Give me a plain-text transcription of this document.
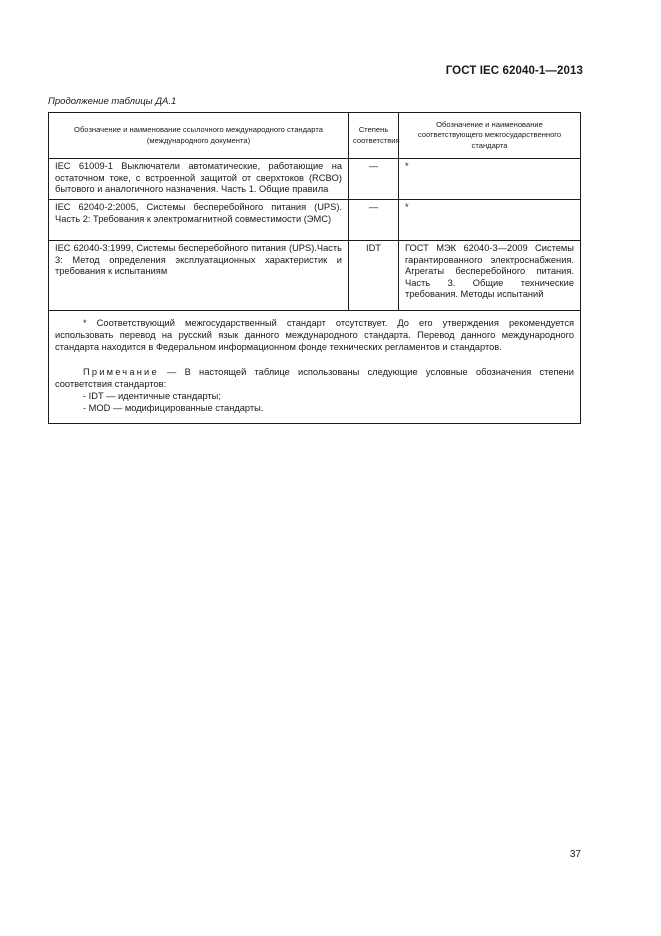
ГОСТ IEC 62040-1—2013
Продолжение таблицы ДА.1
Обозначение и наименование ссылочного международного стандарта (международного документа)	Степень соответствия	Обозначение и наименование соответствующего межгосударственного стандарта
IEC 61009-1 Выключатели автоматические, работающие на остаточном токе, с встроенной защитой от сверхтоков (RCBO) бытового и аналогичного назначения. Часть 1. Общие правила	—	*
IEC 62040-2:2005, Системы бесперебойного питания (UPS). Часть 2: Требования к электромагнитной совместимости (ЭМС)	—	*
IEC 62040-3:1999, Системы бесперебойного питания (UPS).Часть 3: Метод определения эксплуатационных характеристик и требования к испытаниям	IDT	ГОСТ МЭК 62040-3—2009 Системы гарантированного электроснабжения. Агрегаты бесперебойного питания. Часть 3. Общие технические требования. Методы испытаний

* Соответствующий межгосударственный стандарт отсутствует. До его утверждения рекомендуется использовать перевод на русский язык данного международного стандарта. Перевод данного международного стандарта находится в Федеральном информационном фонде технических регламентов и стандартов.

Примечание — В настоящей таблице использованы следующие условные обозначения степени соответствия стандартов:

- IDT — идентичные стандарты;

- MOD — модифицированные стандарты.		

37
